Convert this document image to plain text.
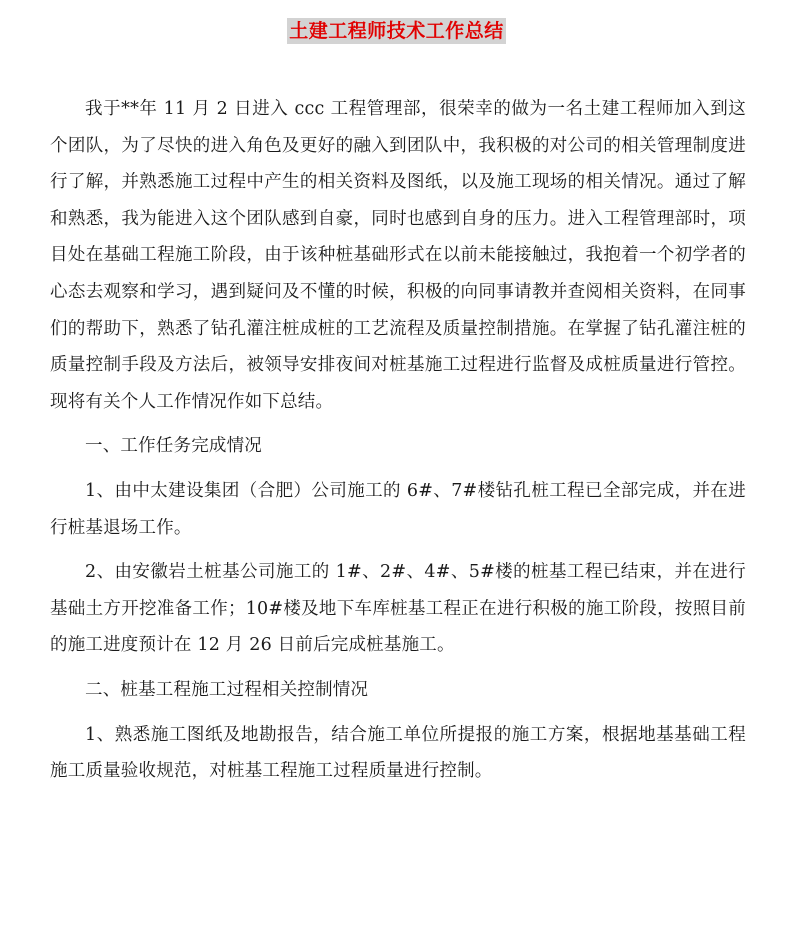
土建工程师技术工作总结

我于**年 11 月 2 日进入 ccc 工程管理部，很荣幸的做为一名土建工程师加入到这个团队，为了尽快的进入角色及更好的融入到团队中，我积极的对公司的相关管理制度进行了解，并熟悉施工过程中产生的相关资料及图纸，以及施工现场的相关情况。通过了解和熟悉，我为能进入这个团队感到自豪，同时也感到自身的压力。进入工程管理部时，项目处在基础工程施工阶段，由于该种桩基础形式在以前未能接触过，我抱着一个初学者的心态去观察和学习，遇到疑问及不懂的时候，积极的向同事请教并查阅相关资料，在同事们的帮助下，熟悉了钻孔灌注桩成桩的工艺流程及质量控制措施。在掌握了钻孔灌注桩的质量控制手段及方法后，被领导安排夜间对桩基施工过程进行监督及成桩质量进行管控。现将有关个人工作情况作如下总结。

一、工作任务完成情况

1、由中太建设集团（合肥）公司施工的 6#、7#楼钻孔桩工程已全部完成，并在进行桩基退场工作。

2、由安徽岩土桩基公司施工的 1#、2#、4#、5#楼的桩基工程已结束，并在进行基础土方开挖准备工作；10#楼及地下车库桩基工程正在进行积极的施工阶段，按照目前的施工进度预计在 12 月 26 日前后完成桩基施工。

二、桩基工程施工过程相关控制情况

1、熟悉施工图纸及地勘报告，结合施工单位所提报的施工方案，根据地基基础工程施工质量验收规范，对桩基工程施工过程质量进行控制。
